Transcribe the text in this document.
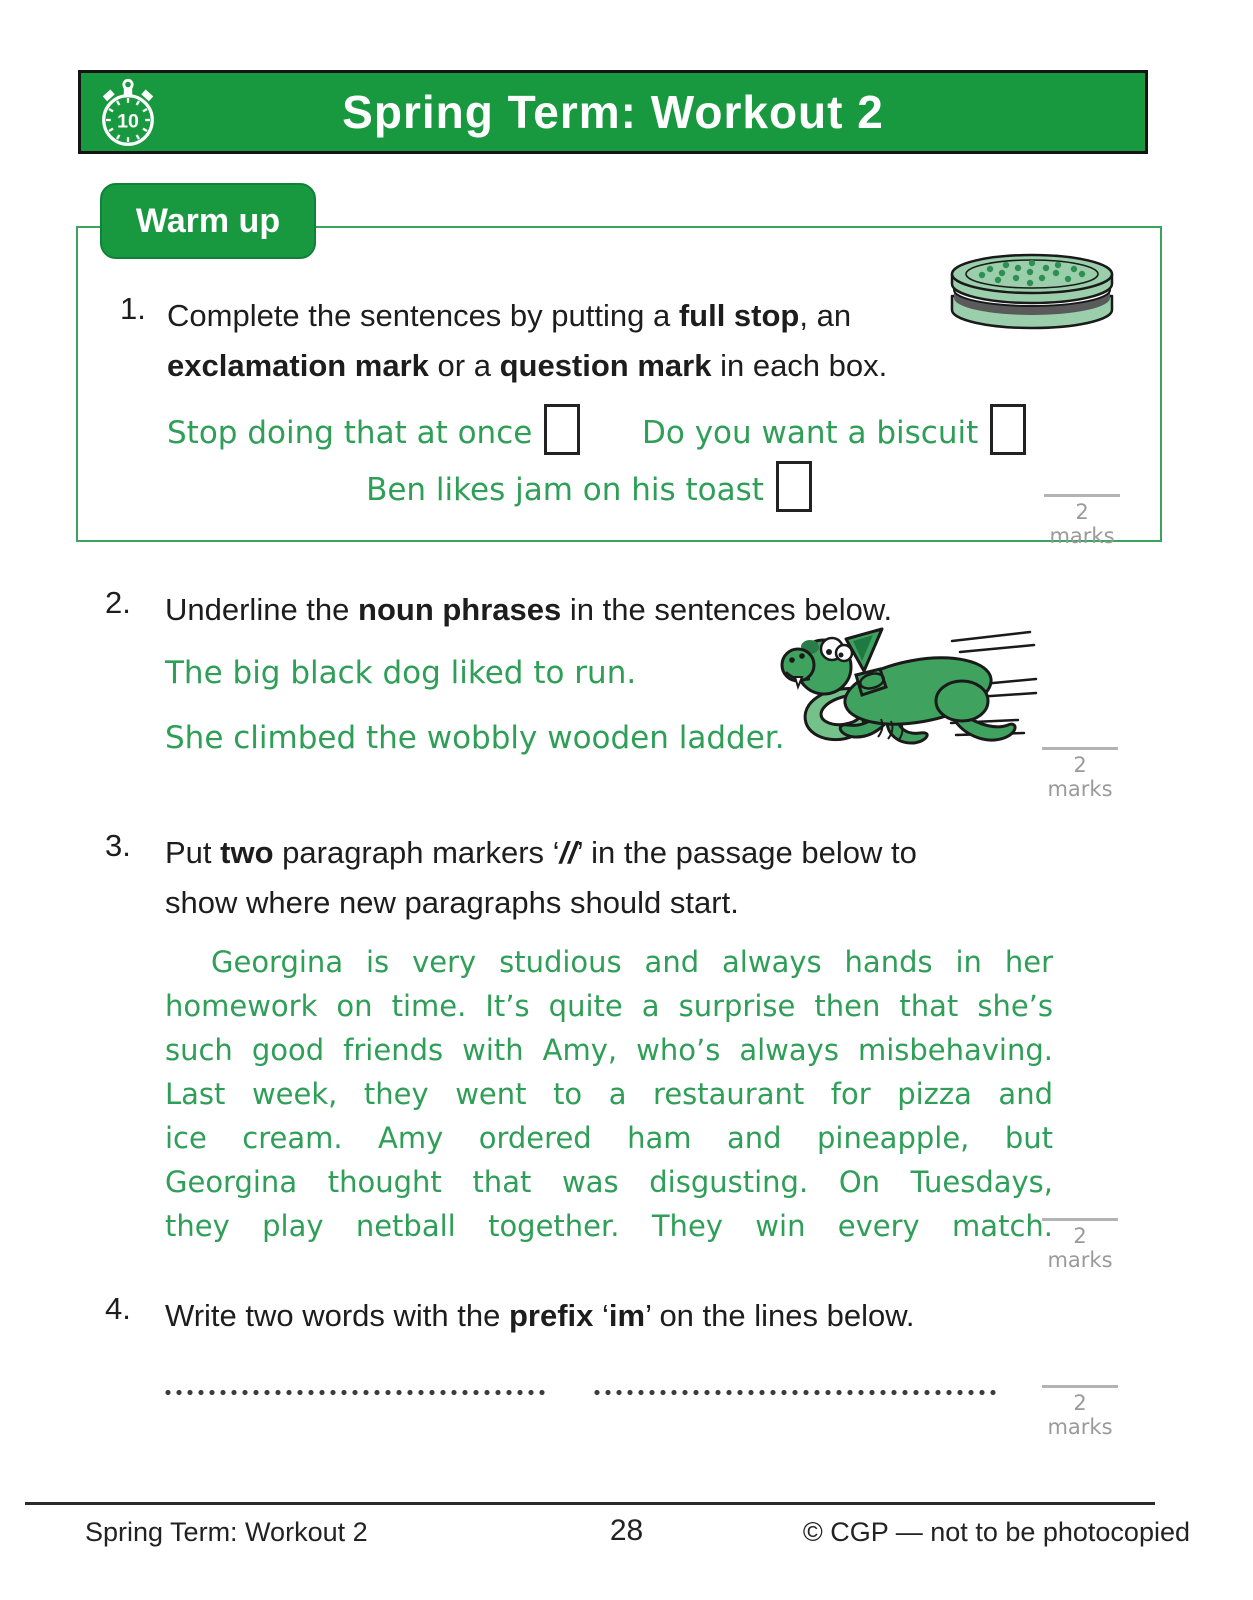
10	Spring Term: Workout 2
Warm up
1. Complete the sentences by putting a full stop, an
exclamation mark or a question mark in each box.
Stop doing that at once	Do you want a biscuit
Ben likes jam on his toast
2 marks
2. Underline the noun phrases in the sentences below.
The big black dog liked to run.
She climbed the wobbly wooden ladder.
2 marks
3. Put two paragraph markers ‘//’ in the passage below to
show where new paragraphs should start.
Georgina is very studious and always hands in her
homework on time. It’s quite a surprise then that she’s
such good friends with Amy, who’s always misbehaving.
Last week, they went to a restaurant for pizza and
ice cream. Amy ordered ham and pineapple, but
Georgina thought that was disgusting. On Tuesdays,
they play netball together. They win every match. 2 marks
4. Write two words with the prefix ‘im’ on the lines below.
2 marks
Spring Term: Workout 2	28	© CGP — not to be photocopied
